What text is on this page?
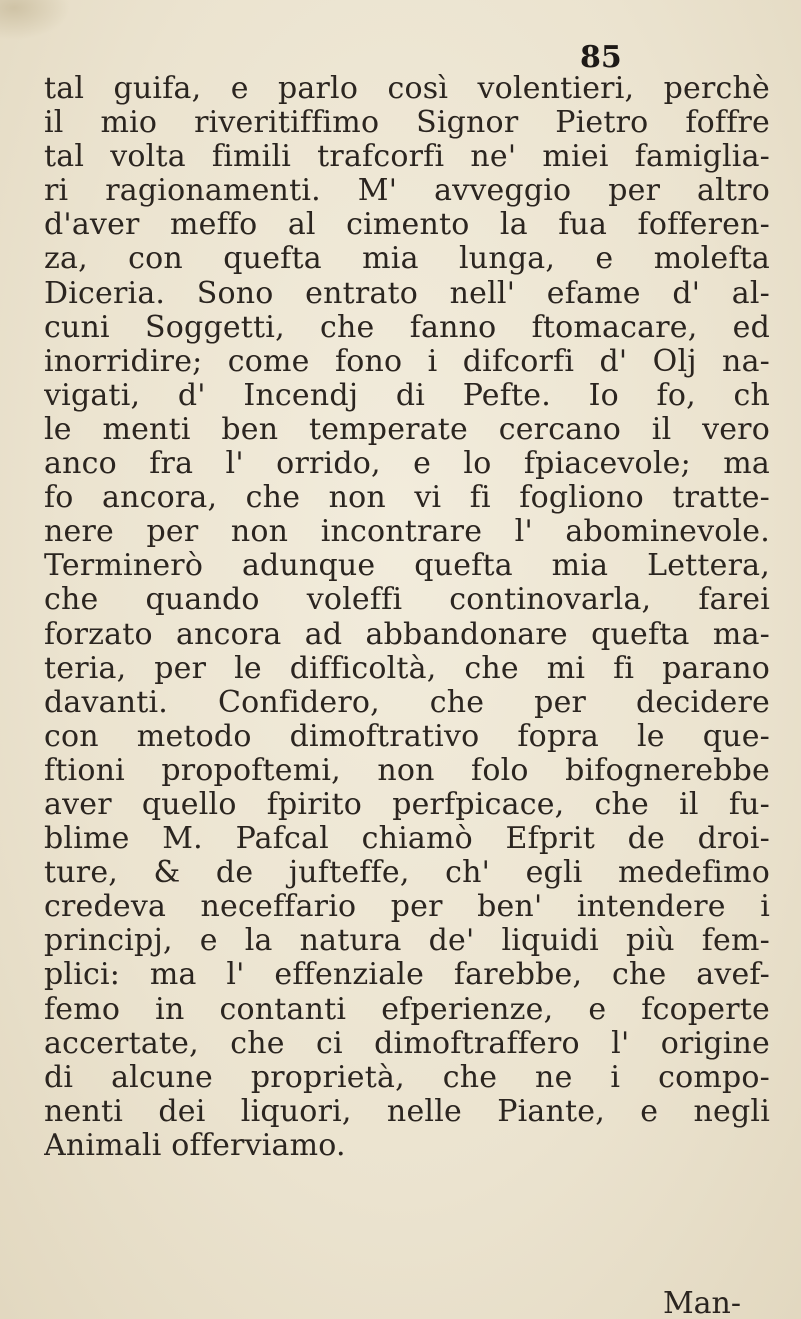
85
tal guifa, e parlo così volentieri, perchè
il mio riveritiffimo Signor Pietro foffre
tal volta fimili trafcorfi ne' miei famiglia-
ri ragionamenti. M' avveggio per altro
d'aver meffo al cimento la fua fofferen-
za, con quefta mia lunga, e molefta
Diceria. Sono entrato nell' efame d' al-
cuni Soggetti, che fanno ftomacare, ed
inorridire; come fono i difcorfi d' Olj na-
vigati, d' Incendj di Pefte. Io fo, ch
le menti ben temperate cercano il vero
anco fra l' orrido, e lo fpiacevole; ma
fo ancora, che non vi fi fogliono tratte-
nere per non incontrare l' abominevole.
Terminerò adunque quefta mia Lettera,
che quando voleffi continovarla, farei
forzato ancora ad abbandonare quefta ma-
teria, per le difficoltà, che mi fi parano
davanti. Confidero, che per decidere
con metodo dimoftrativo fopra le que-
ftioni propoftemi, non folo bifognerebbe
aver quello fpirito perfpicace, che il fu-
blime M. Pafcal chiamò Efprit de droi-
ture, & de jufteffe, ch' egli medefimo
credeva neceffario per ben' intendere i
principj, e la natura de' liquidi più fem-
plici: ma l' effenziale farebbe, che avef-
femo in contanti efperienze, e fcoperte
accertate, che ci dimoftraffero l' origine
di alcune proprietà, che ne i compo-
nenti dei liquori, nelle Piante, e negli
Animali offerviamo.
Man-
